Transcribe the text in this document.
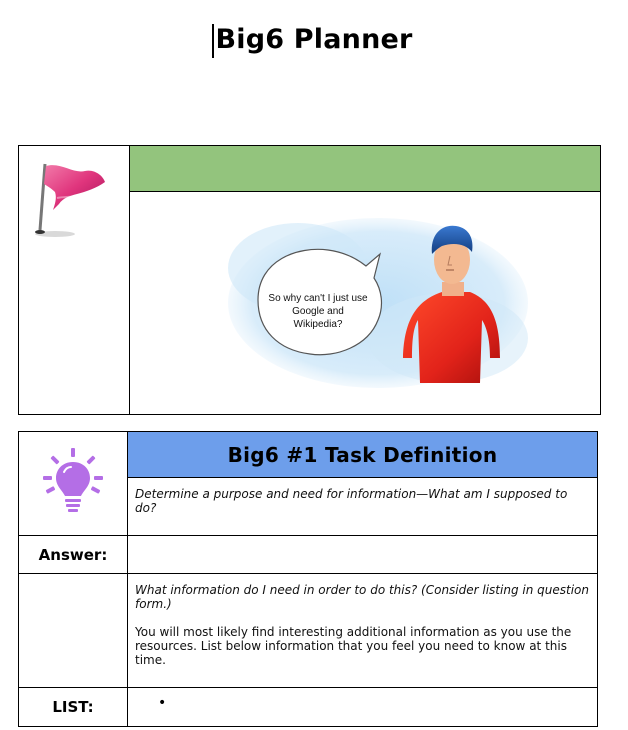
Big6 Planner
So why can't I just use Google and Wikipedia?
Big6 #1 Task Definition
Determine a purpose and need for information—What am I supposed to do?
Answer:
What information do I need in order to do this? (Consider listing in question form.)
You will most likely find interesting additional information as you use the resources. List below information that you feel you need to know at this time.
LIST:	•
